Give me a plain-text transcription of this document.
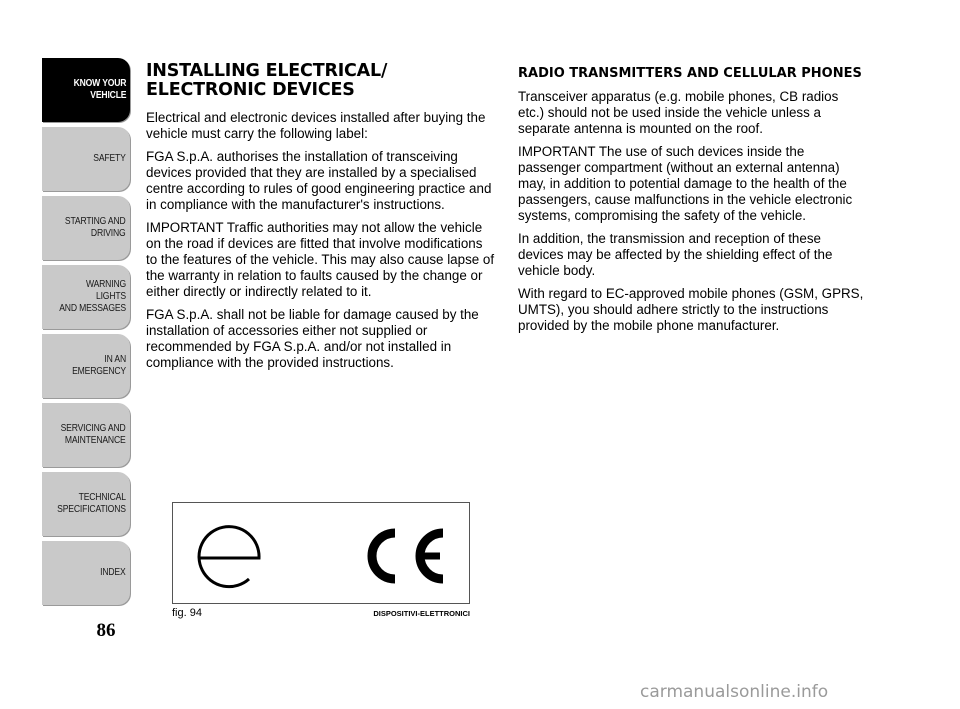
KNOW YOUR
VEHICLE
SAFETY
STARTING AND
DRIVING
WARNING LIGHTS
AND MESSAGES
IN AN EMERGENCY
SERVICING AND
MAINTENANCE
TECHNICAL
SPECIFICATIONS
INDEX
86
INSTALLING ELECTRICAL/ ELECTRONIC DEVICES

Electrical and electronic devices installed after buying the vehicle must carry the following label:

FGA S.p.A. authorises the installation of transceiving devices provided that they are installed by a specialised centre according to rules of good engineering practice and in compliance with the manufacturer's instructions.

IMPORTANT Traffic authorities may not allow the vehicle on the road if devices are fitted that involve modifications to the features of the vehicle. This may also cause lapse of the warranty in relation to faults caused by the change or either directly or indirectly related to it.

FGA S.p.A. shall not be liable for damage caused by the installation of accessories either not supplied or recommended by FGA S.p.A. and/or not installed in compliance with the provided instructions.

RADIO TRANSMITTERS AND CELLULAR PHONES

Transceiver apparatus (e.g. mobile phones, CB radios etc.) should not be used inside the vehicle unless a separate antenna is mounted on the roof.

IMPORTANT The use of such devices inside the passenger compartment (without an external antenna) may, in addition to potential damage to the health of the passengers, cause malfunctions in the vehicle electronic systems, compromising the safety of the vehicle.

In addition, the transmission and reception of these devices may be affected by the shielding effect of the vehicle body.

With regard to EC-approved mobile phones (GSM, GPRS, UMTS), you should adhere strictly to the instructions provided by the mobile phone manufacturer.

fig. 94	DISPOSITIVI-ELETTRONICI
carmanualsonline.info
